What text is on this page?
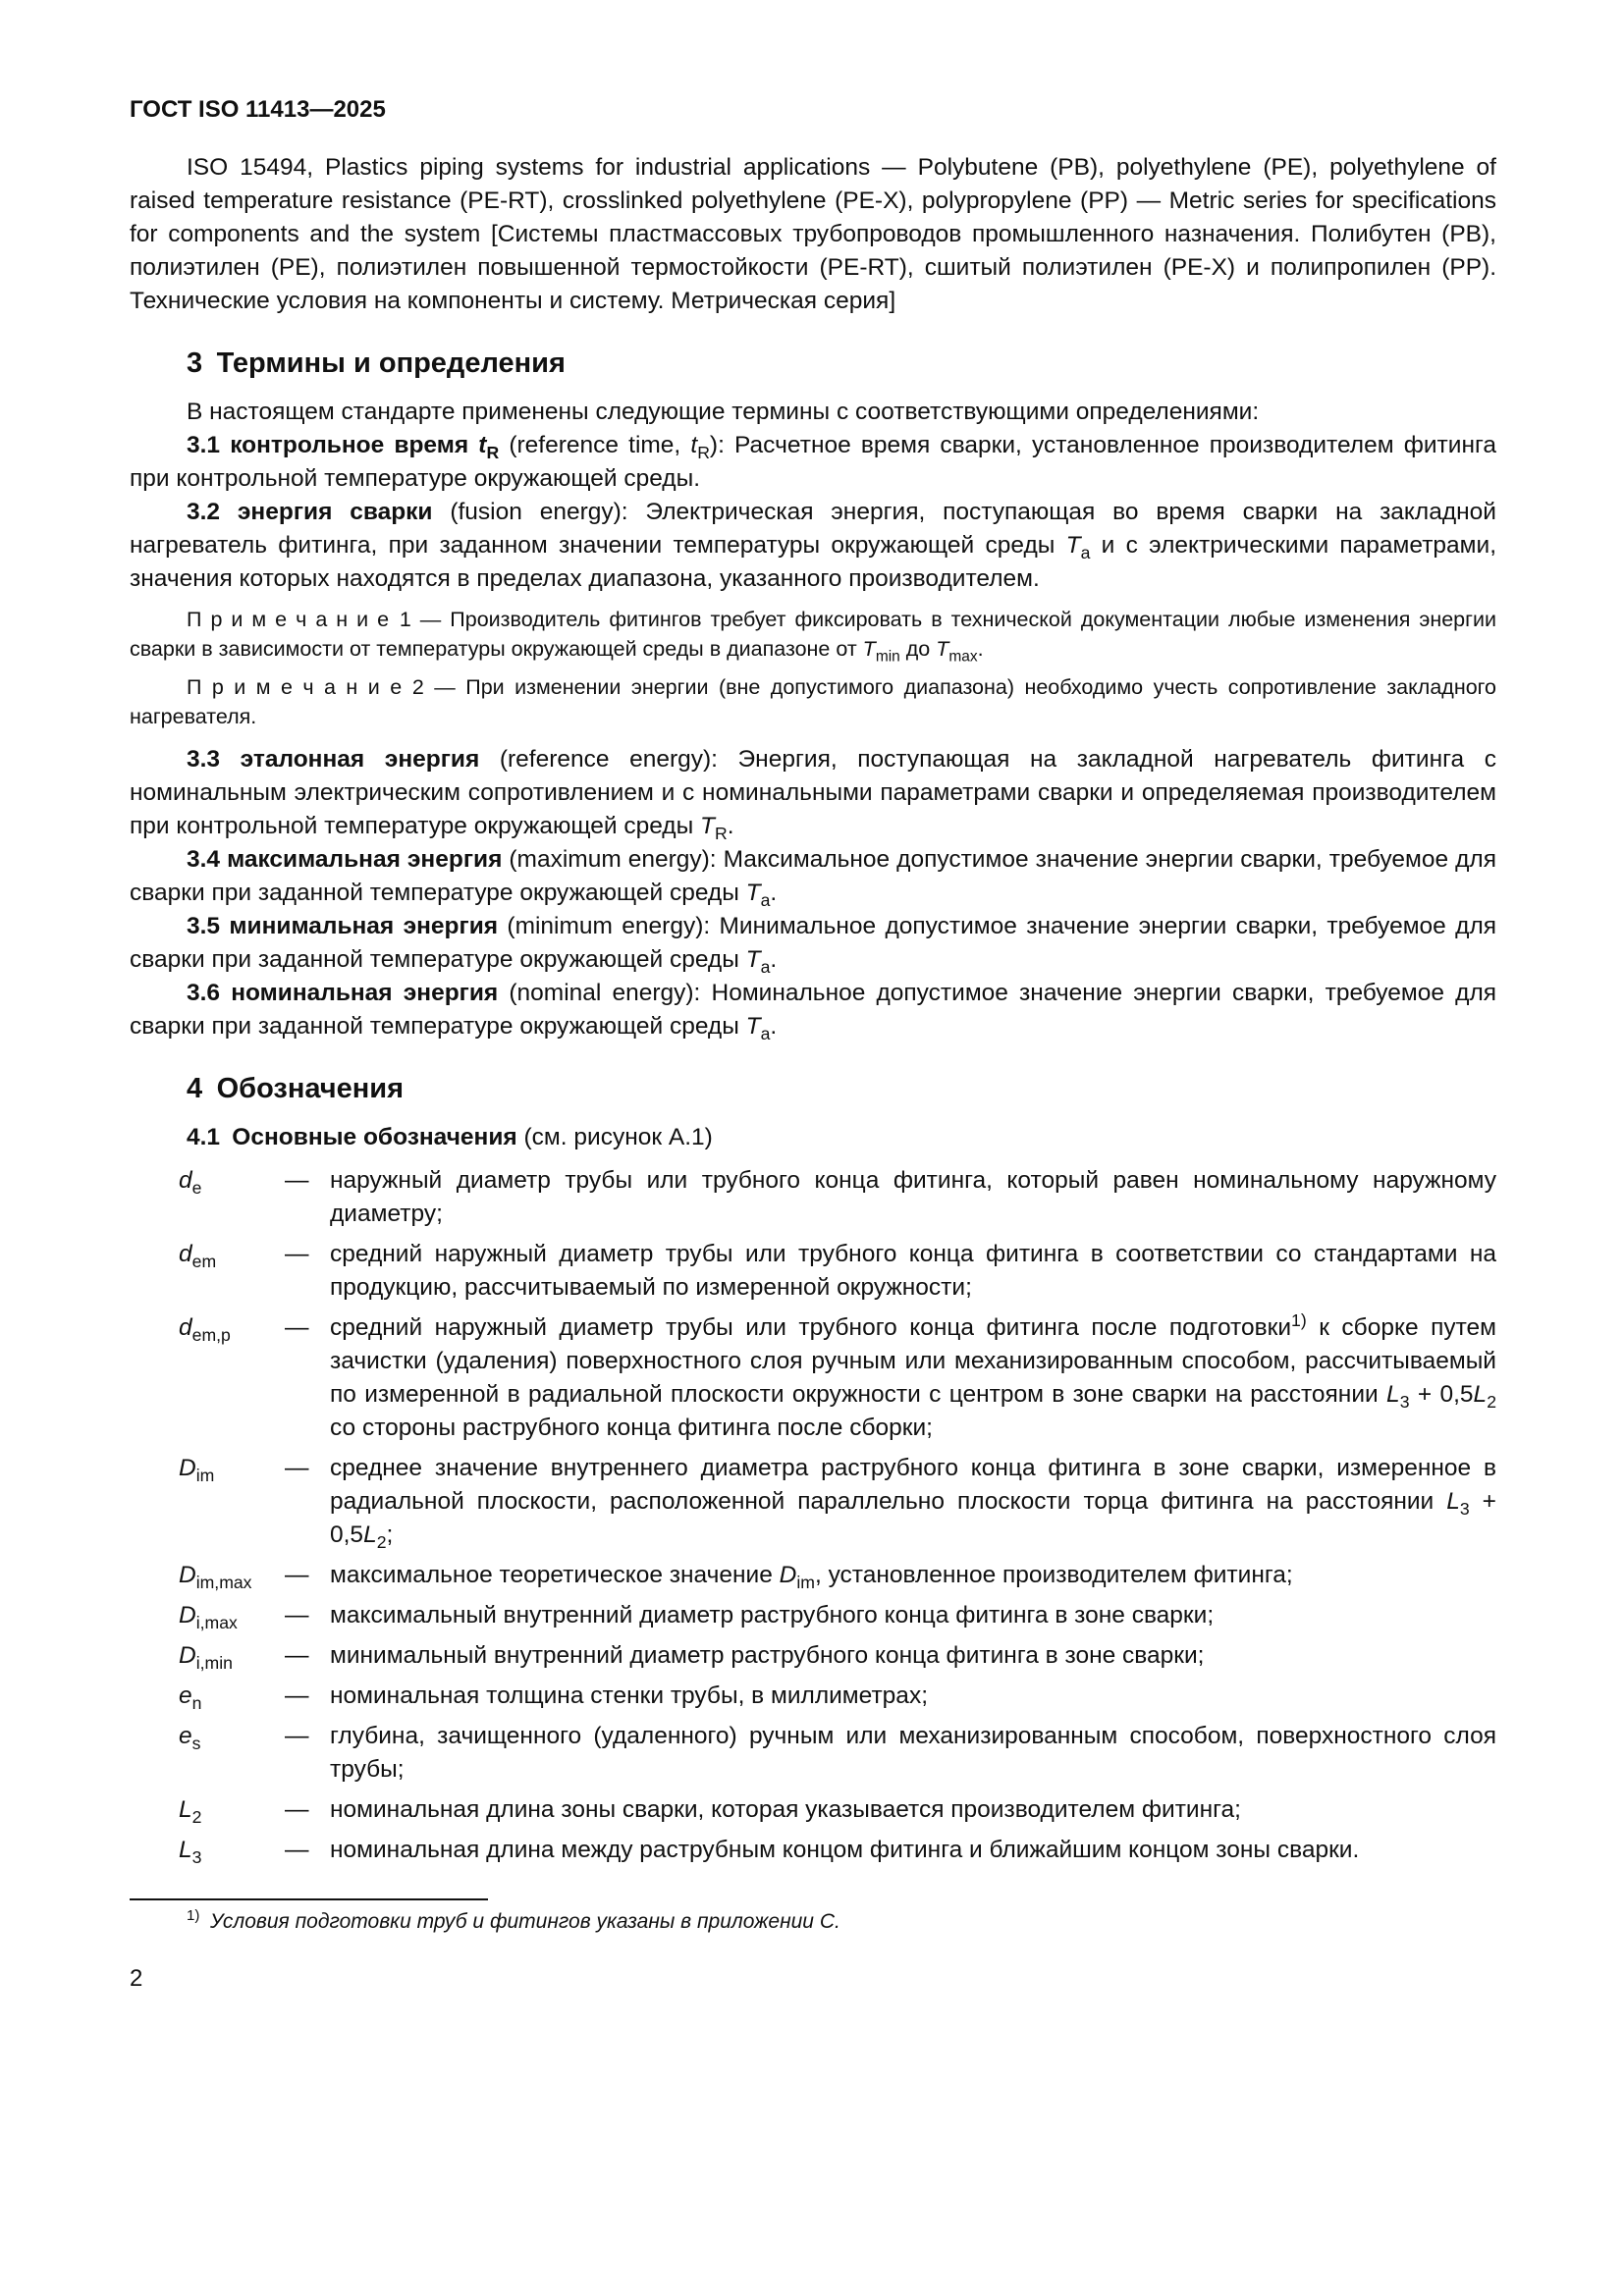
ГОСТ ISO 11413—2025

ISO 15494, Plastics piping systems for industrial applications — Polybutene (PB), polyethylene (PE), polyethylene of raised temperature resistance (PE-RT), crosslinked polyethylene (PE-X), polypropylene (PP) — Metric series for specifications for components and the system [Системы пластмассовых трубопроводов промышленного назначения. Полибутен (PB), полиэтилен (PE), полиэтилен повышенной термостойкости (PE-RT), сшитый полиэтилен (PE-X) и полипропилен (PP). Технические условия на компоненты и систему. Метрическая серия]

3 Термины и определения

В настоящем стандарте применены следующие термины с соответствующими определениями:

3.1 контрольное время $t_R$ (reference time, $t_R$): Расчетное время сварки, установленное производителем фитинга при контрольной температуре окружающей среды.

3.2 энергия сварки (fusion energy): Электрическая энергия, поступающая во время сварки на закладной нагреватель фитинга, при заданном значении температуры окружающей среды $T_a$ и с электрическими параметрами, значения которых находятся в пределах диапазона, указанного производителем.

П р и м е ч а н и е 1 — Производитель фитингов требует фиксировать в технической документации любые изменения энергии сварки в зависимости от температуры окружающей среды в диапазоне от $T_{min}$ до $T_{max}$.

П р и м е ч а н и е 2 — При изменении энергии (вне допустимого диапазона) необходимо учесть сопротивление закладного нагревателя.

3.3 эталонная энергия (reference energy): Энергия, поступающая на закладной нагреватель фитинга с номинальным электрическим сопротивлением и с номинальными параметрами сварки и определяемая производителем при контрольной температуре окружающей среды $T_R$.

3.4 максимальная энергия (maximum energy): Максимальное допустимое значение энергии сварки, требуемое для сварки при заданной температуре окружающей среды $T_a$.

3.5 минимальная энергия (minimum energy): Минимальное допустимое значение энергии сварки, требуемое для сварки при заданной температуре окружающей среды $T_a$.

3.6 номинальная энергия (nominal energy): Номинальное допустимое значение энергии сварки, требуемое для сварки при заданной температуре окружающей среды $T_a$.

4 Обозначения

4.1 Основные обозначения (см. рисунок А.1)

$d_e$	— наружный диаметр трубы или трубного конца фитинга, который равен номинальному наружному диаметру;
$d_{em}$	— средний наружный диаметр трубы или трубного конца фитинга в соответствии со стандартами на продукцию, рассчитываемый по измеренной окружности;
$d_{em,p}$	— средний наружный диаметр трубы или трубного конца фитинга после подготовки$^{1)}$ к сборке путем зачистки (удаления) поверхностного слоя ручным или механизированным способом, рассчитываемый по измеренной в радиальной плоскости окружности с центром в зоне сварки на расстоянии $L_3 + 0,5L_2$ со стороны раструбного конца фитинга после сборки;
$D_{im}$	— среднее значение внутреннего диаметра раструбного конца фитинга в зоне сварки, измеренное в радиальной плоскости, расположенной параллельно плоскости торца фитинга на расстоянии $L_3 + 0,5L_2$;
$D_{im,max}$	— максимальное теоретическое значение $D_{im}$, установленное производителем фитинга;
$D_{i,max}$	— максимальный внутренний диаметр раструбного конца фитинга в зоне сварки;
$D_{i,min}$	— минимальный внутренний диаметр раструбного конца фитинга в зоне сварки;
$e_n$	— номинальная толщина стенки трубы, в миллиметрах;
$e_s$	— глубина, зачищенного (удаленного) ручным или механизированным способом, поверхностного слоя трубы;
$L_2$	— номинальная длина зоны сварки, которая указывается производителем фитинга;
$L_3$	— номинальная длина между раструбным концом фитинга и ближайшим концом зоны сварки.

$^{1)}$  Условия подготовки труб и фитингов указаны в приложении С.

2
